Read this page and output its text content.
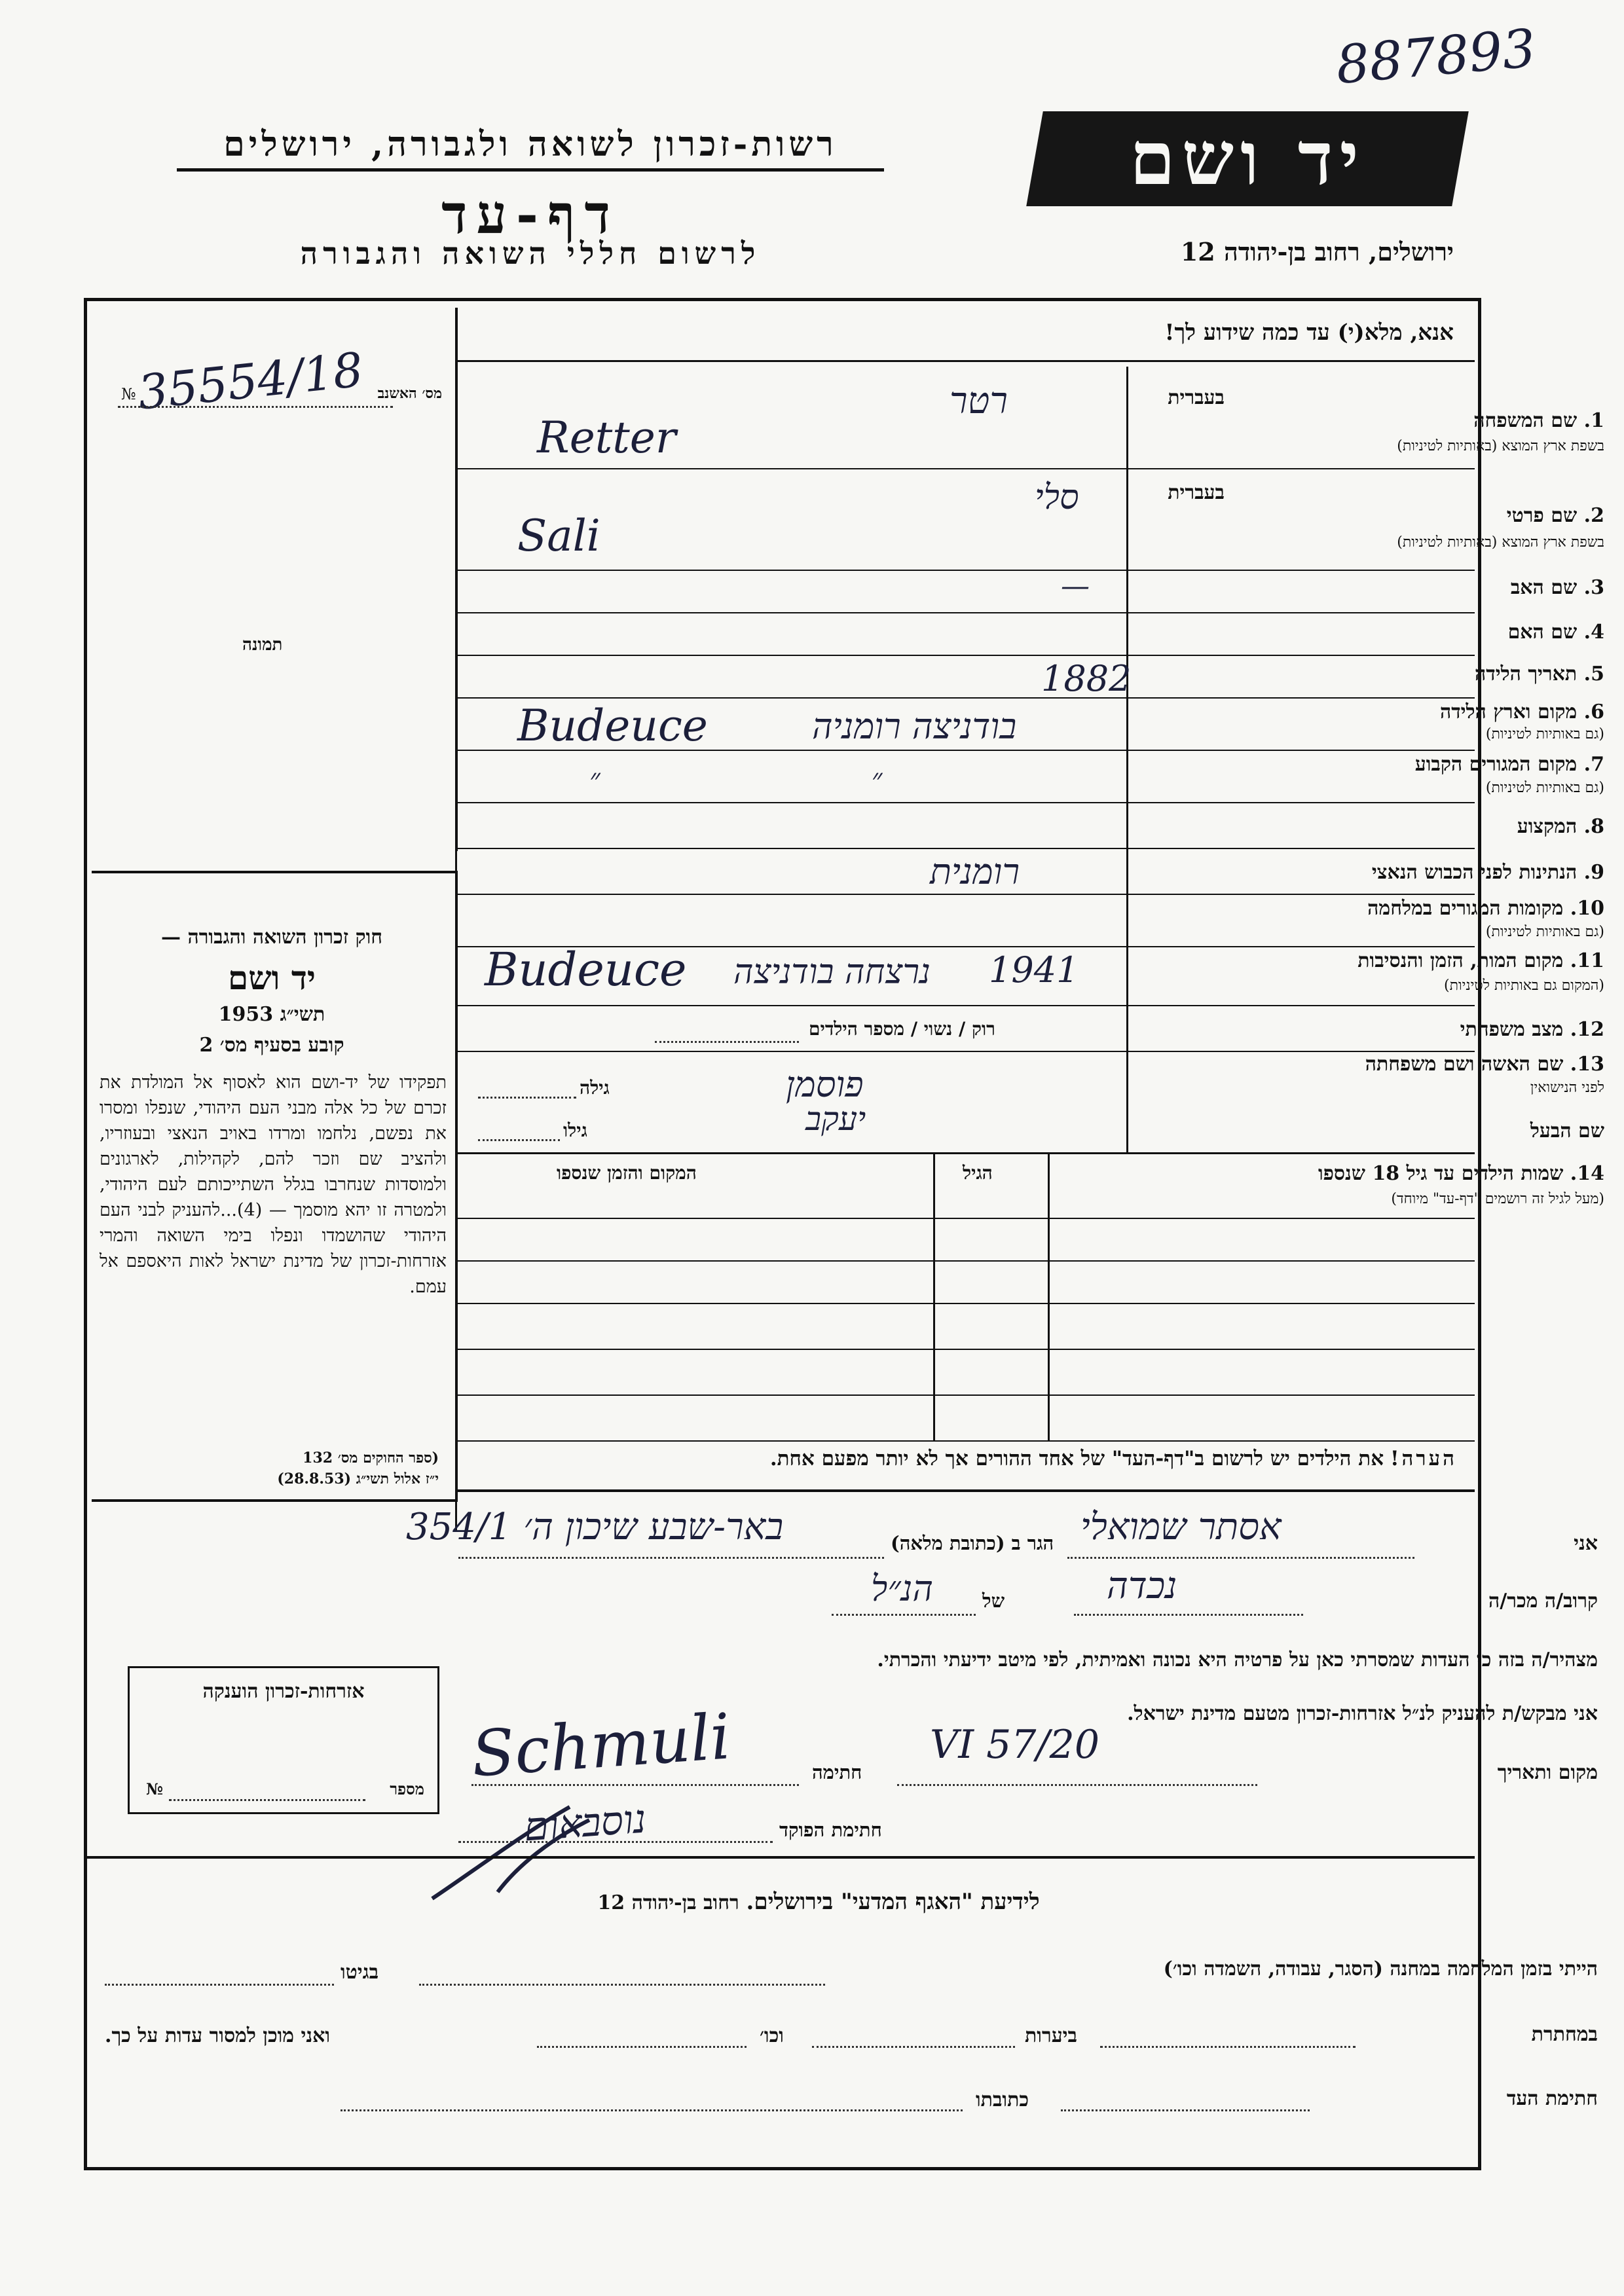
887893
רשות-זכרון לשואה ולגבורה, ירושלים
דף-עד
לרשום חללי השואה והגבורה
יד ושם
ירושלים, רחוב בן-יהודה 12
אנא, מלא(י) עד כמה שידוע לך!
מס׳ האשנב
№
35554/18
תמונה
חוק זכרון השואה והגבורה —
יד ושם
תשי״ג 1953
קובע בסעיף מס׳ 2
תפקידו של יד-ושם הוא לאסוף אל המולדת את זכרם של כל אלה מבני העם היהודי, שנפלו ומסרו את נפשם, נלחמו ומרדו באויב הנאצי ובעוזריו, ולהציב שם וזכר להם, לקהילות, לארגונים ולמוסדות שנחרבו בגלל השתייכותם לעם היהודי, ולמטרה זו יהא מוסמך — (4)...להעניק לבני העם היהודי שהושמדו ונפלו בימי השואה והמרי אזרחות-זכרון של מדינת ישראל לאות היאספם אל עמם.
(ספר החוקים מס׳ 132
י״ז אלול תשי״ג (28.8.53)
בעברית
1. שם המשפחה
בשפת ארץ המוצא (באותיות לטיניות)
רטר
Retter
בעברית
2. שם פרטי
בשפת ארץ המוצא (באותיות לטיניות)
סלי
Sali
3. שם האב
—
4. שם האם
5. תאריך הלידה
1882
6. מקום וארץ הלידה
(גם באותיות לטיניות)
בודניצה רומניה
Budeuce
7. מקום המגורים הקבוע
(גם באותיות לטיניות)
״ ״
8. המקצוע
9. הנתינות לפני הכבוש הנאצי
רומנית
10. מקומות המגורים במלחמה
(גם באותיות לטיניות)
11. מקום המות, הזמן והנסיבות
(המקום גם באותיות לטיניות)
1941
נרצחה בודניצה
Budeuce
12. מצב משפחתי
רוק / נשוי / מספר הילדים
13. שם האשה ושם משפחתה
לפני הנישואין
גילה	פוסמן
שם הבעל
גילו	יעקב
14. שמות הילדים עד גיל 18 שנספו
(מעל לגיל זה רושמים "דף-עד" מיוחד)
הגיל
המקום והזמן שנספו
הערה! את הילדים יש לרשום ב"דף-העד" של אחד ההורים אך לא יותר מפעם אחת.
אני
אסתר שמואלי
הגר ב (כתובת מלאה)
באר-שבע שיכון ה׳ 354/1
קרוב/ה מכר/ה
נכדה
של
הנ״ל
מצהיר/ה בזה כי העדות שמסרתי כאן על פרטיה היא נכונה ואמיתית, לפי מיטב ידיעתי והכרתי.
אזרחות-זכרון הוענקה
מספר
№
אני מבקש/ת להעניק לנ״ל אזרחות-זכרון מטעם מדינת ישראל.
מקום ותאריך
20/VI 57
חתימה
Schmuli
חתימת הפוקד
נוסבאום
לידיעת "האגף המדעי" בירושלים. רחוב בן-יהודה 12
הייתי בזמן המלחמה במחנה (הסגר, עבודה, השמדה וכו׳)
בגיטו
במחתרת
ביערות
וכו׳
ואני מוכן למסור עדות על כך.
חתימת העד
כתובתו
